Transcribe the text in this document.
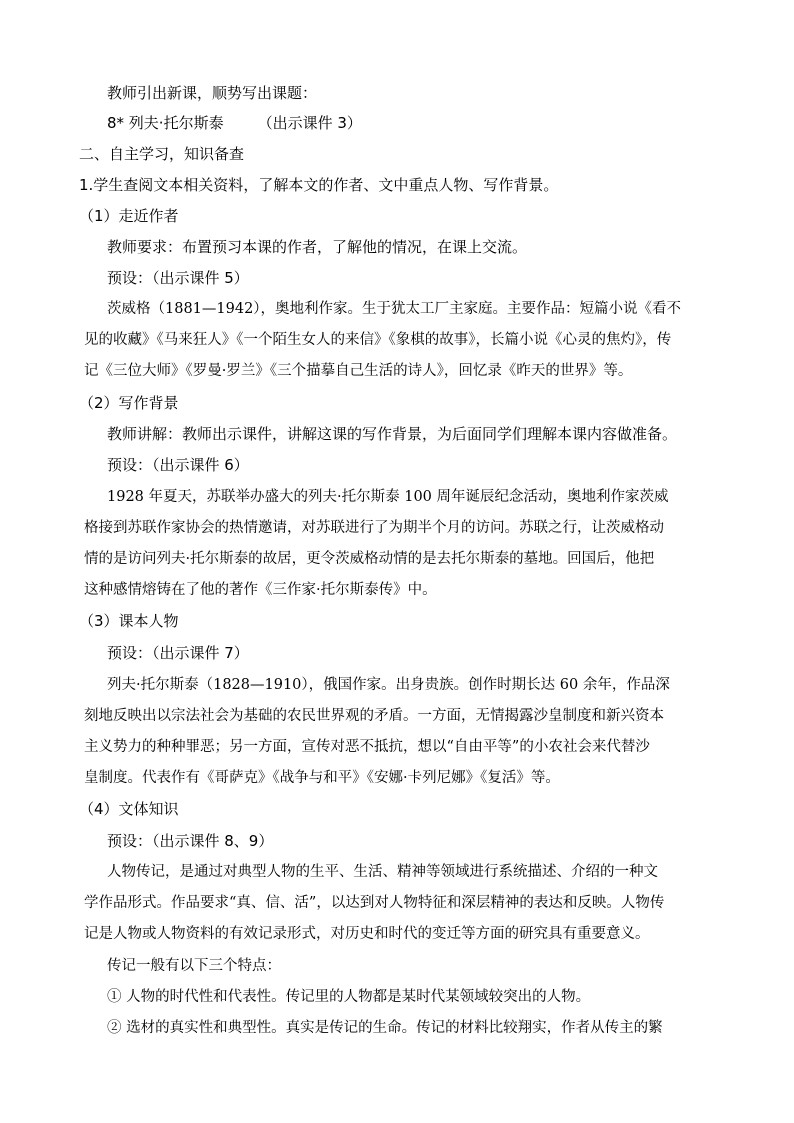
教师引出新课，顺势写出课题：
8* 列夫·托尔斯泰 （出示课件 3）
二、自主学习，知识备查
1.学生查阅文本相关资料，了解本文的作者、文中重点人物、写作背景。
（1）走近作者
教师要求：布置预习本课的作者，了解他的情况，在课上交流。
预设：（出示课件 5）
茨威格（1881—1942），奥地利作家。生于犹太工厂主家庭。主要作品：短篇小说《看不
见的收藏》《马来狂人》《一个陌生女人的来信》《象棋的故事》，长篇小说《心灵的焦灼》，传
记《三位大师》《罗曼·罗兰》《三个描摹自己生活的诗人》，回忆录《昨天的世界》等。
（2）写作背景
教师讲解：教师出示课件，讲解这课的写作背景，为后面同学们理解本课内容做准备。
预设：（出示课件 6）
1928 年夏天，苏联举办盛大的列夫·托尔斯泰 100 周年诞辰纪念活动，奥地利作家茨威
格接到苏联作家协会的热情邀请，对苏联进行了为期半个月的访问。苏联之行，让茨威格动
情的是访问列夫·托尔斯泰的故居，更令茨威格动情的是去托尔斯泰的墓地。回国后，他把
这种感情熔铸在了他的著作《三作家·托尔斯泰传》中。
（3）课本人物
预设：（出示课件 7）
列夫·托尔斯泰（1828—1910），俄国作家。出身贵族。创作时期长达 60 余年，作品深
刻地反映出以宗法社会为基础的农民世界观的矛盾。一方面，无情揭露沙皇制度和新兴资本
主义势力的种种罪恶；另一方面，宣传对恶不抵抗，想以“自由平等”的小农社会来代替沙
皇制度。代表作有《哥萨克》《战争与和平》《安娜·卡列尼娜》《复活》等。
（4）文体知识
预设：（出示课件 8、9）
人物传记，是通过对典型人物的生平、生活、精神等领域进行系统描述、介绍的一种文
学作品形式。作品要求“真、信、活”，以达到对人物特征和深层精神的表达和反映。人物传
记是人物或人物资料的有效记录形式，对历史和时代的变迁等方面的研究具有重要意义。
传记一般有以下三个特点：
① 人物的时代性和代表性。传记里的人物都是某时代某领域较突出的人物。
② 选材的真实性和典型性。真实是传记的生命。传记的材料比较翔实，作者从传主的繁
